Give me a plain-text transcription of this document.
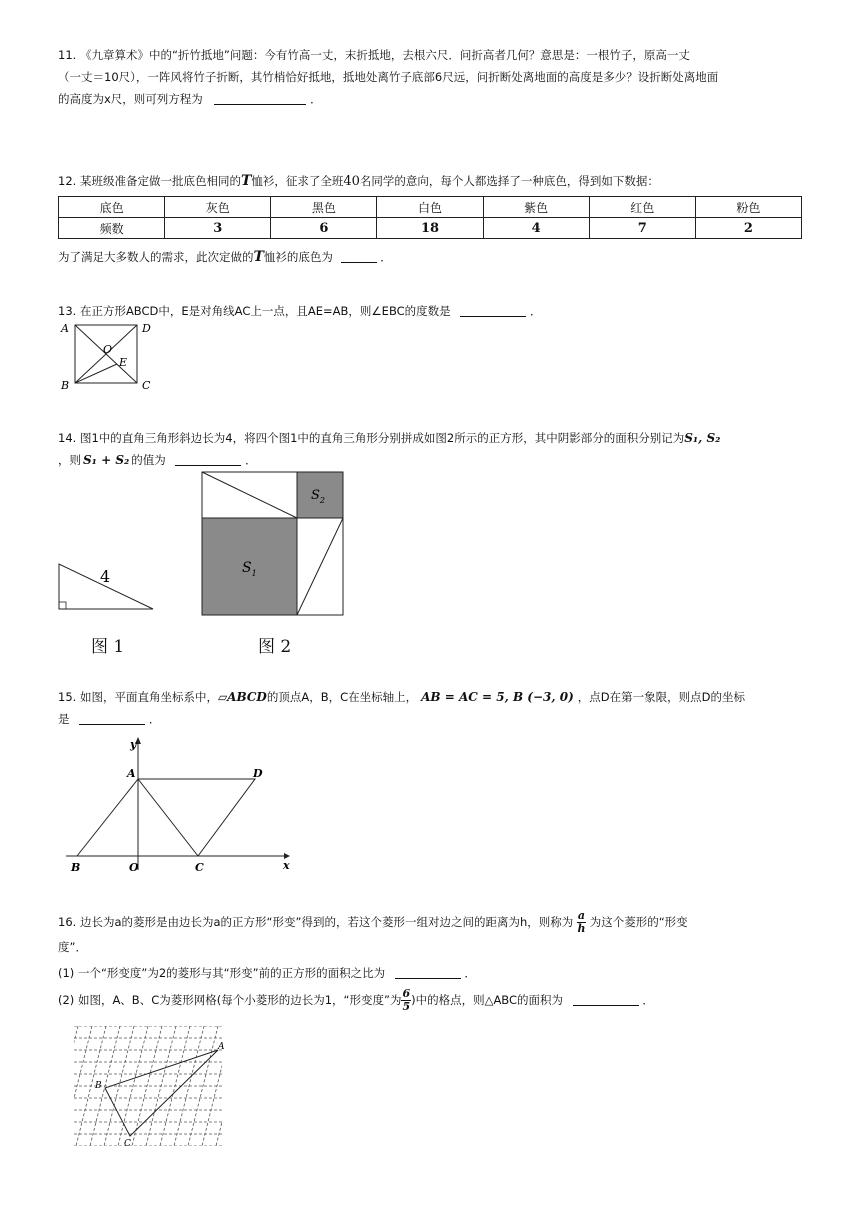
11. 《九章算术》中的“折竹抵地”问题：今有竹高一丈，末折抵地，去根六尺．问折高者几何？意思是：一根竹子，原高一丈
（一丈＝10尺），一阵风将竹子折断，其竹梢恰好抵地，抵地处离竹子底部6尺远，问折断处离地面的高度是多少？设折断处离地面
的高度为x尺，则可列方程为	．
12. 某班级准备定做一批底色相同的T恤衫，征求了全班40名同学的意向，每个人都选择了一种底色，得到如下数据：
底色	灰色	黑色	白色	紫色	红色	粉色
频数	3	6	18	4	7	2
为了满足大多数人的需求，此次定做的T恤衫的底色为	．
13. 在正方形ABCD中，E是对角线AC上一点，且AE=AB，则∠EBC的度数是	．
A	D
B	C
O
E
14. 图1中的直角三角形斜边长为4，将四个图1中的直角三角形分别拼成如图2所示的正方形，其中阴影部分的面积分别记为S₁, S₂
，则 S₁ + S₂ 的值为	．
4
图 1
$S_1$
$S_2$
图 2
15. 如图，平面直角坐标系中，▱ABCD的顶点A，B，C在坐标轴上， AB = AC = 5, B (−3, 0) ，点D在第一象限，则点D的坐标
是	．
y
x
A	D
B	O	C
16. 边长为a的菱形是由边长为a的正方形“形变”得到的，若这个菱形一组对边之间的距离为h，则称为 $\frac{a}{h}$ 为这个菱形的“形变
度”．
(1) 一个“形变度”为2的菱形与其“形变”前的正方形的面积之比为	．
(2) 如图，A、B、C为菱形网格(每个小菱形的边长为1，“形变度”为 $\frac{6}{5}$)中的格点，则△ABC的面积为	．
A
B
C
